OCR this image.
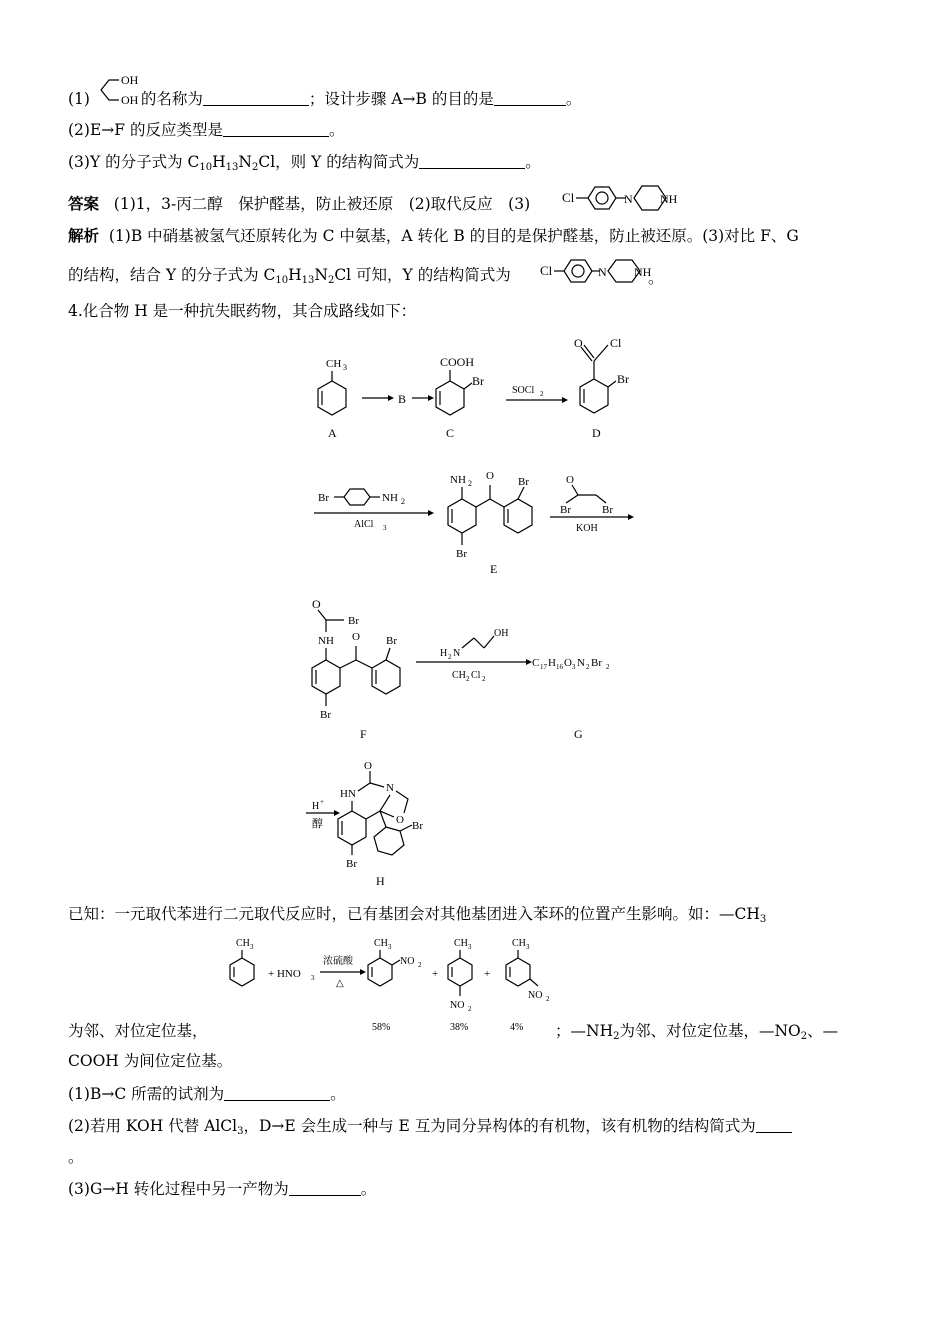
(1)
OH
OH 的名称为	；设计步骤 A→B 的目的是	。
(2)E→F 的反应类型是	。
(3)Y 的分子式为 $C_{10}H_{13}N_2Cl$，则 Y 的结构简式为	。
答案 (1)1，3-丙二醇　保护醛基，防止被还原　(2)取代反应　(3) Cl	N NH
解析 (1)B 中硝基被氢气还原转化为 C 中氨基，A 转化 B 的目的是保护醛基，防止被还原。(3)对比 F、G
的结构，结合 Y 的分子式为 $C_{10}H_{13}N_2Cl$ 可知，Y 的结构简式为 Cl	N NH
。
4.化合物 H 是一种抗失眠药物，其合成路线如下：
CH 3
A
B
COOH
Br
C
SOCl 2
O Cl
Br
D
Br	NH 2
AlCl 3
NH 2
Br
O Br
E
O
Br	Br
KOH
O
Br
NH
Br
O Br
F
H 2 N
OH
CH 2 Cl 2
C 17 H 16 O 3 N 2 Br 2
G
H +
醇
O
HN	N
Br
O Br
H
已知：一元取代苯进行二元取代反应时，已有基团会对其他基团进入苯环的位置产生影响。如：$—CH_3$
CH 3
+ HNO 3
浓硫酸
△
CH 3
NO 2
58%
+
CH 3
NO 2
38%
+
CH 3
NO 2
4%
为邻、对位定位基，	；$—NH_2$为邻、对位定位基，$—NO_2$、—
COOH 为间位定位基。
(1)B→C 所需的试剂为	。
(2)若用 KOH 代替 AlCl$_3$，D→E 会生成一种与 E 互为同分异构体的有机物，该有机物的结构简式为
。
(3)G→H 转化过程中另一产物为	。
